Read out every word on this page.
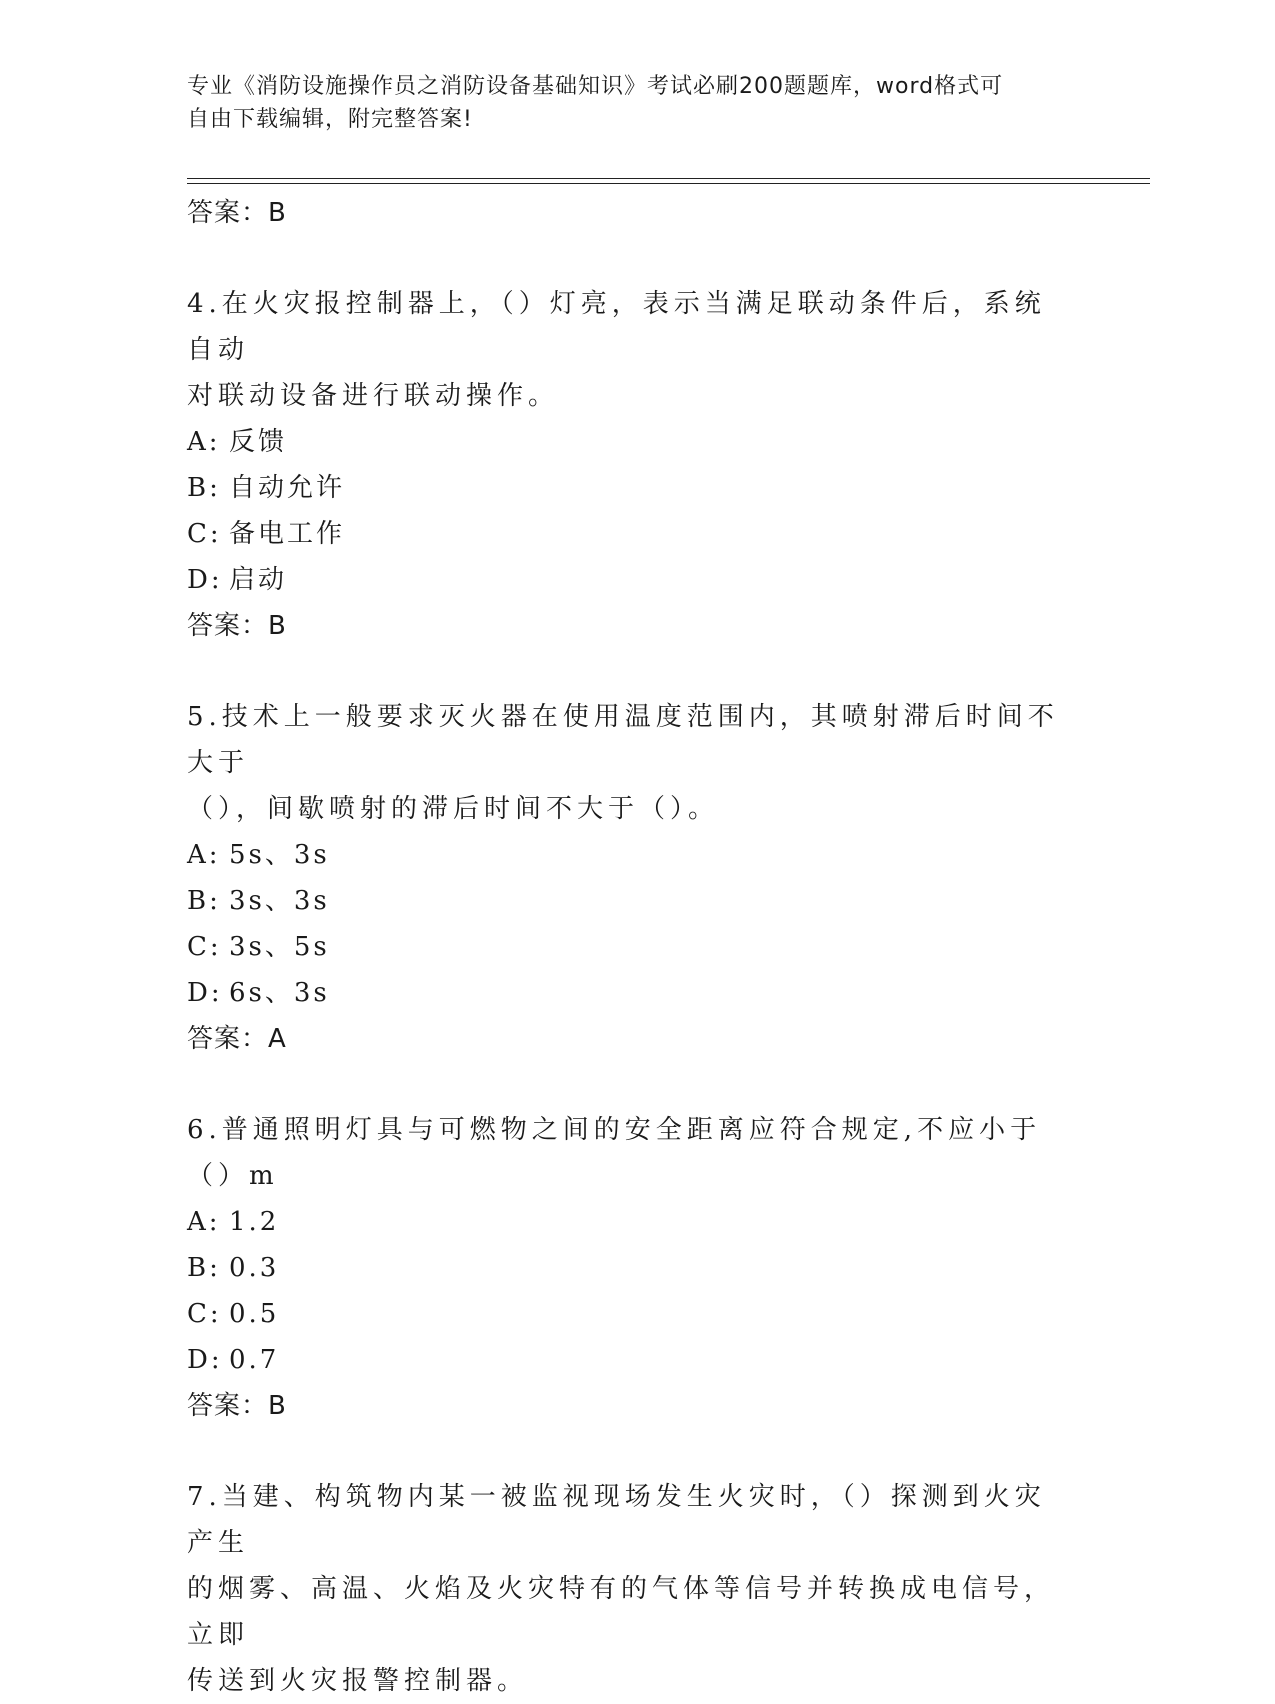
专业《消防设施操作员之消防设备基础知识》考试必刷200题题库，word格式可
自由下载编辑，附完整答案!
答案：B
4.在火灾报控制器上，（）灯亮，表示当满足联动条件后，系统自动
对联动设备进行联动操作。
A: 反馈
B: 自动允许
C: 备电工作
D: 启动
答案：B
5.技术上一般要求灭火器在使用温度范围内，其喷射滞后时间不大于
（），间歇喷射的滞后时间不大于（）。
A: 5s、3s
B: 3s、3s
C: 3s、5s
D: 6s、3s
答案：A
6.普通照明灯具与可燃物之间的安全距离应符合规定,不应小于（）m
A: 1.2
B: 0.3
C: 0.5
D: 0.7
答案：B
7.当建、构筑物内某一被监视现场发生火灾时，（）探测到火灾产生
的烟雾、高温、火焰及火灾特有的气体等信号并转换成电信号，立即
传送到火灾报警控制器。
